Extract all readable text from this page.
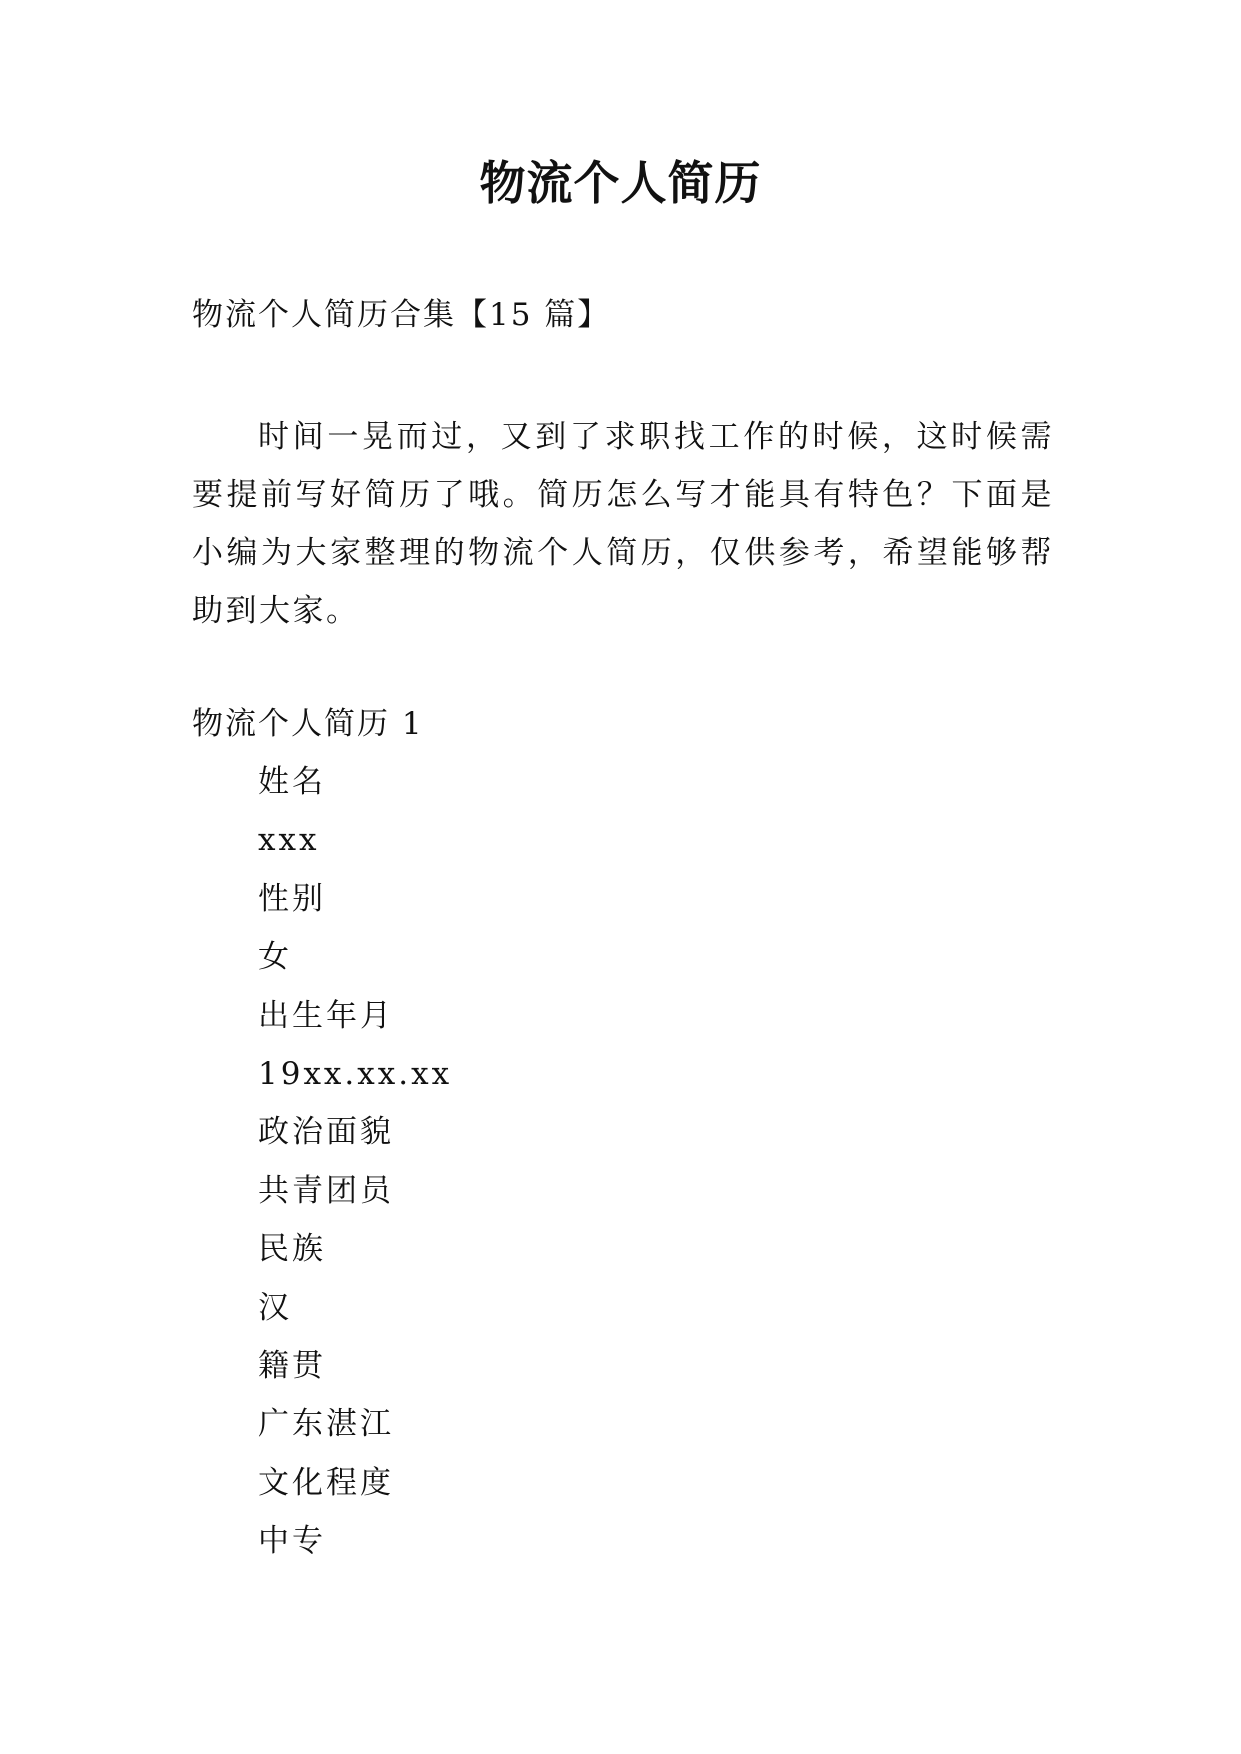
物流个人简历
物流个人简历合集【15 篇】

时间一晃而过，又到了求职找工作的时候，这时候需要提前写好简历了哦。简历怎么写才能具有特色？下面是小编为大家整理的物流个人简历，仅供参考，希望能够帮助到大家。

物流个人简历 1
姓名
xxx
性别
女
出生年月
19xx.xx.xx
政治面貌
共青团员
民族
汉
籍贯
广东湛江
文化程度
中专
